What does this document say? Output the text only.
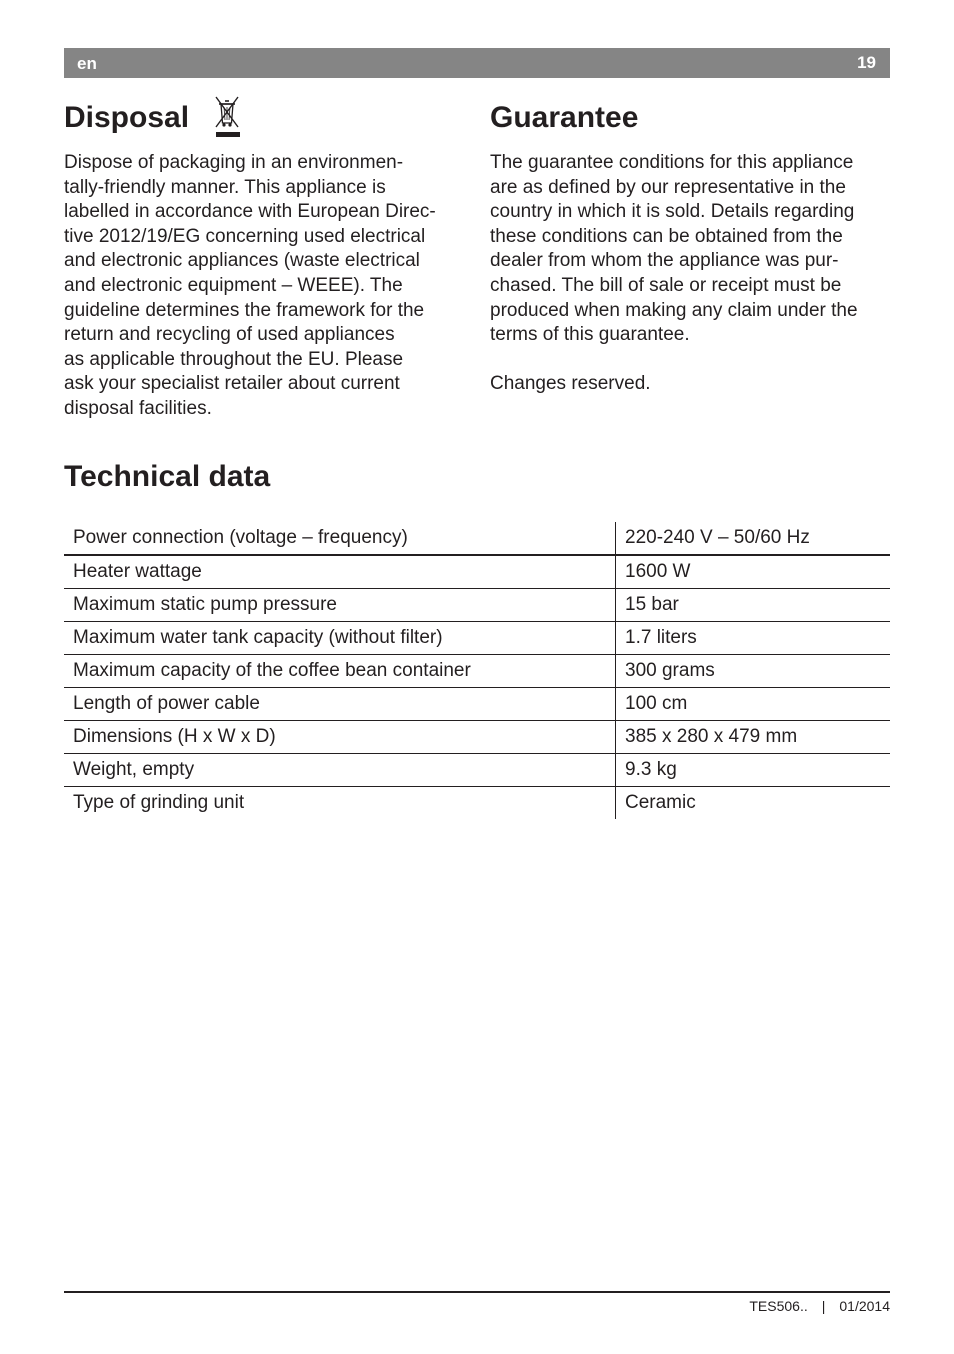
en	19
Disposal

Dispose of packaging in an environmen-
tally-friendly manner. This appliance is
labelled in accordance with European Direc-
tive 2012/19/EG concerning used electrical
and electronic appliances (waste electrical
and electronic equipment – WEEE). The
guideline determines the framework for the
return and recycling of used appliances
as applicable throughout the EU. Please
ask your specialist retailer about current
disposal facilities.

Guarantee

The guarantee conditions for this appliance
are as defined by our representative in the
country in which it is sold. Details regarding
these conditions can be obtained from the
dealer from whom the appliance was pur-
chased. The bill of sale or receipt must be
produced when making any claim under the
terms of this guarantee.

Changes reserved.

Technical data
Power connection (voltage – frequency)	220-240 V – 50/60 Hz
Heater wattage	1600 W
Maximum static pump pressure	15 bar
Maximum water tank capacity (without filter)	1.7 liters
Maximum capacity of the coffee bean container	300 grams
Length of power cable	100 cm
Dimensions (H x W x D)	385 x 280 x 479 mm
Weight, empty	9.3 kg
Type of grinding unit	Ceramic
TES506.. | 01/2014
